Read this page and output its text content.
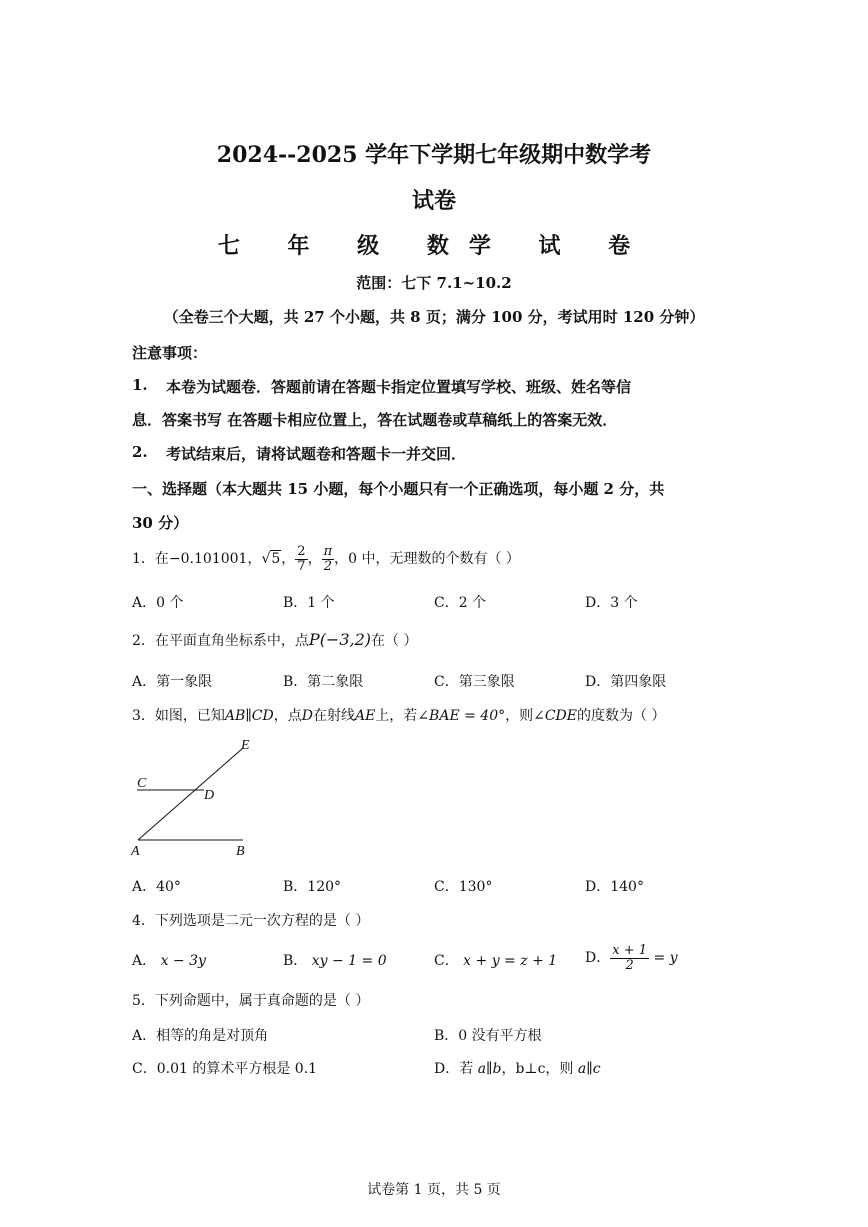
2024--2025 学年下学期七年级期中数学考
试卷
七 年 级 数学 试 卷
范围：七下 7.1~10.2
（全卷三个大题，共 27 个小题，共 8 页；满分 100 分，考试用时 120 分钟）
注意事项：
1. 本卷为试题卷．答题前请在答题卡指定位置填写学校、班级、姓名等信
息．答案书写 在答题卡相应位置上，答在试题卷或草稿纸上的答案无效．
2. 考试结束后，请将试题卷和答题卡一并交回．
一、选择题（本大题共 15 小题，每个小题只有一个正确选项，每小题 2 分，共
30 分）
1．在−0.101001，√5， $\frac{2}{7}$ ， $\frac{\pi}{2}$ ，0 中，无理数的个数有（ ）
A．0 个	B．1 个	C．2 个	D．3 个
2．在平面直角坐标系中，点P(−3,2)在（ ）
A．第一象限	B．第二象限	C．第三象限	D．第四象限
3．如图，已知AB∥CD，点D在射线AE上，若∠BAE = 40°，则∠CDE的度数为（ ）
E
C
D
A	B
A．40°	B．120°	C．130°	D．140°
4．下列选项是二元一次方程的是（ ）
A． x − 3y	B． xy − 1 = 0	C． x + y = z + 1 D． $\frac{x + 1}{2} = y$
5．下列命题中，属于真命题的是（ ）
A．相等的角是对顶角	B．0 没有平方根
C．0.01 的算术平方根是 0.1	D．若 a∥b，b⊥c，则 a∥c
试卷第 1 页，共 5 页
